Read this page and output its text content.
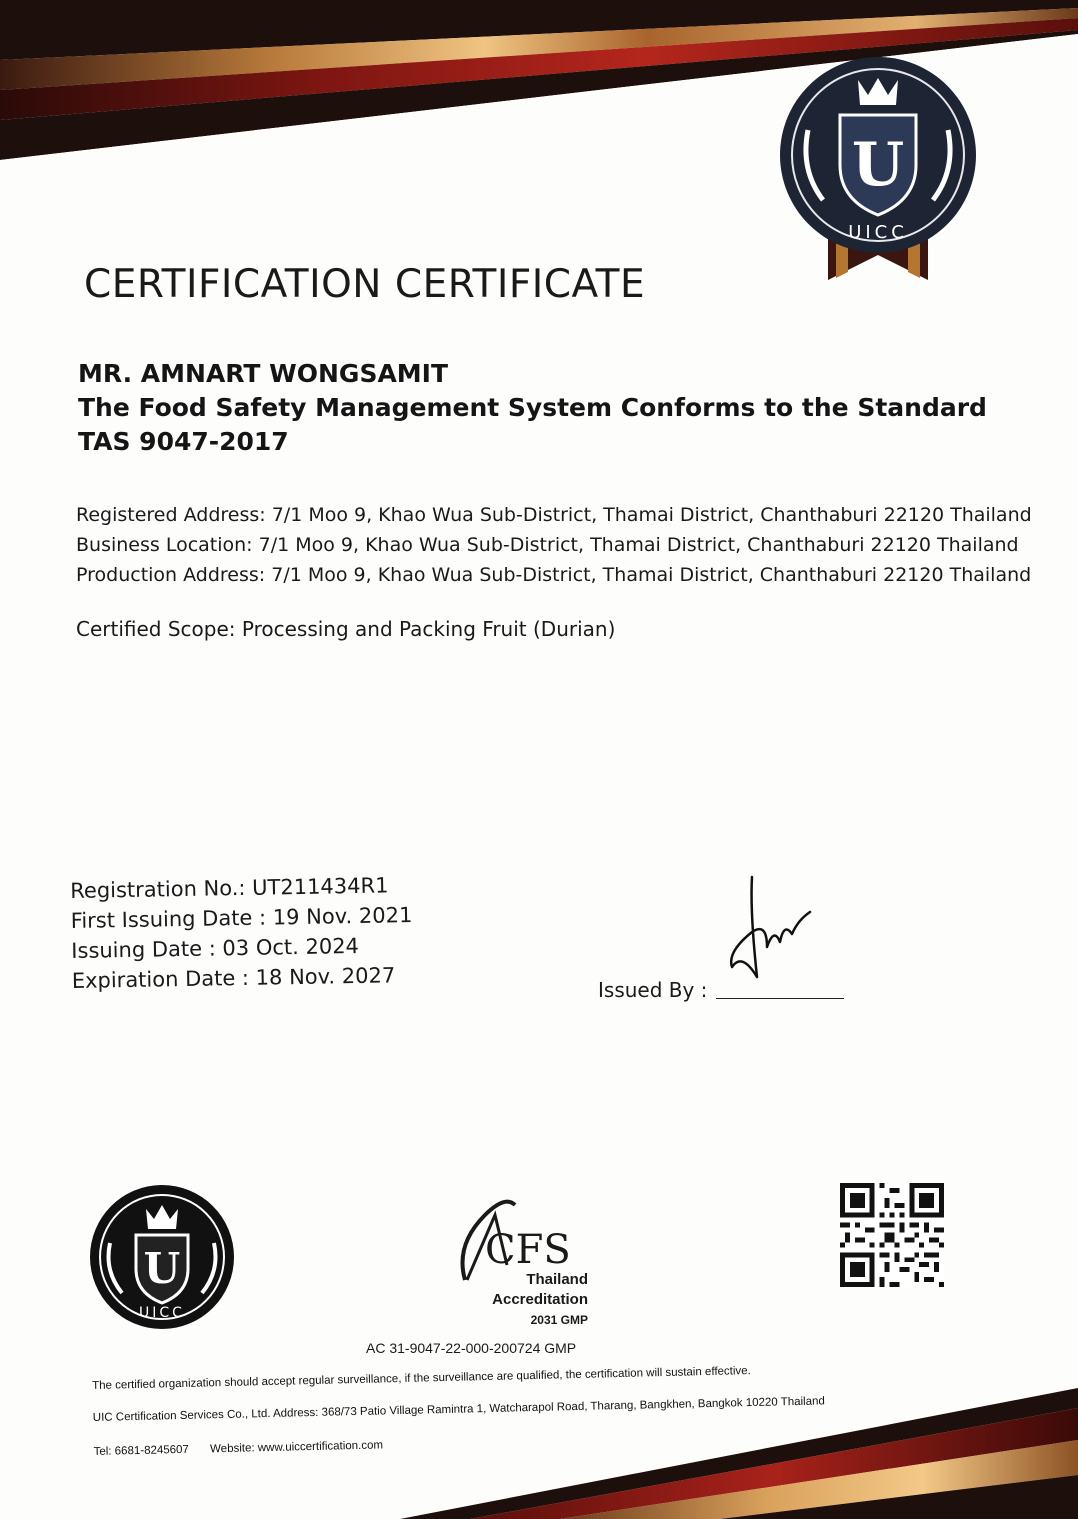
U
UICC
CERTIFICATION CERTIFICATE
MR. AMNART WONGSAMIT
The Food Safety Management System Conforms to the Standard
TAS 9047-2017
Registered Address: 7/1 Moo 9, Khao Wua Sub-District, Thamai District, Chanthaburi 22120 Thailand
Business Location: 7/1 Moo 9, Khao Wua Sub-District, Thamai District, Chanthaburi 22120 Thailand
Production Address: 7/1 Moo 9, Khao Wua Sub-District, Thamai District, Chanthaburi 22120 Thailand
Certified Scope: Processing and Packing Fruit (Durian)
Registration No.: UT211434R1
First Issuing Date : 19 Nov. 2021
Issuing Date : 03 Oct. 2024
Expiration Date : 18 Nov. 2027	Issued By :
U
UICC
CFS
Thailand
Accreditation
2031 GMP
AC 31-9047-22-000-200724 GMP
The certified organization should accept regular surveillance, if the surveillance are qualified, the certification will sustain effective.
UIC Certification Services Co., Ltd. Address: 368/73 Patio Village Ramintra 1, Watcharapol Road, Tharang, Bangkhen, Bangkok 10220 Thailand
Tel: 6681-8245607 Website: www.uiccertification.com
